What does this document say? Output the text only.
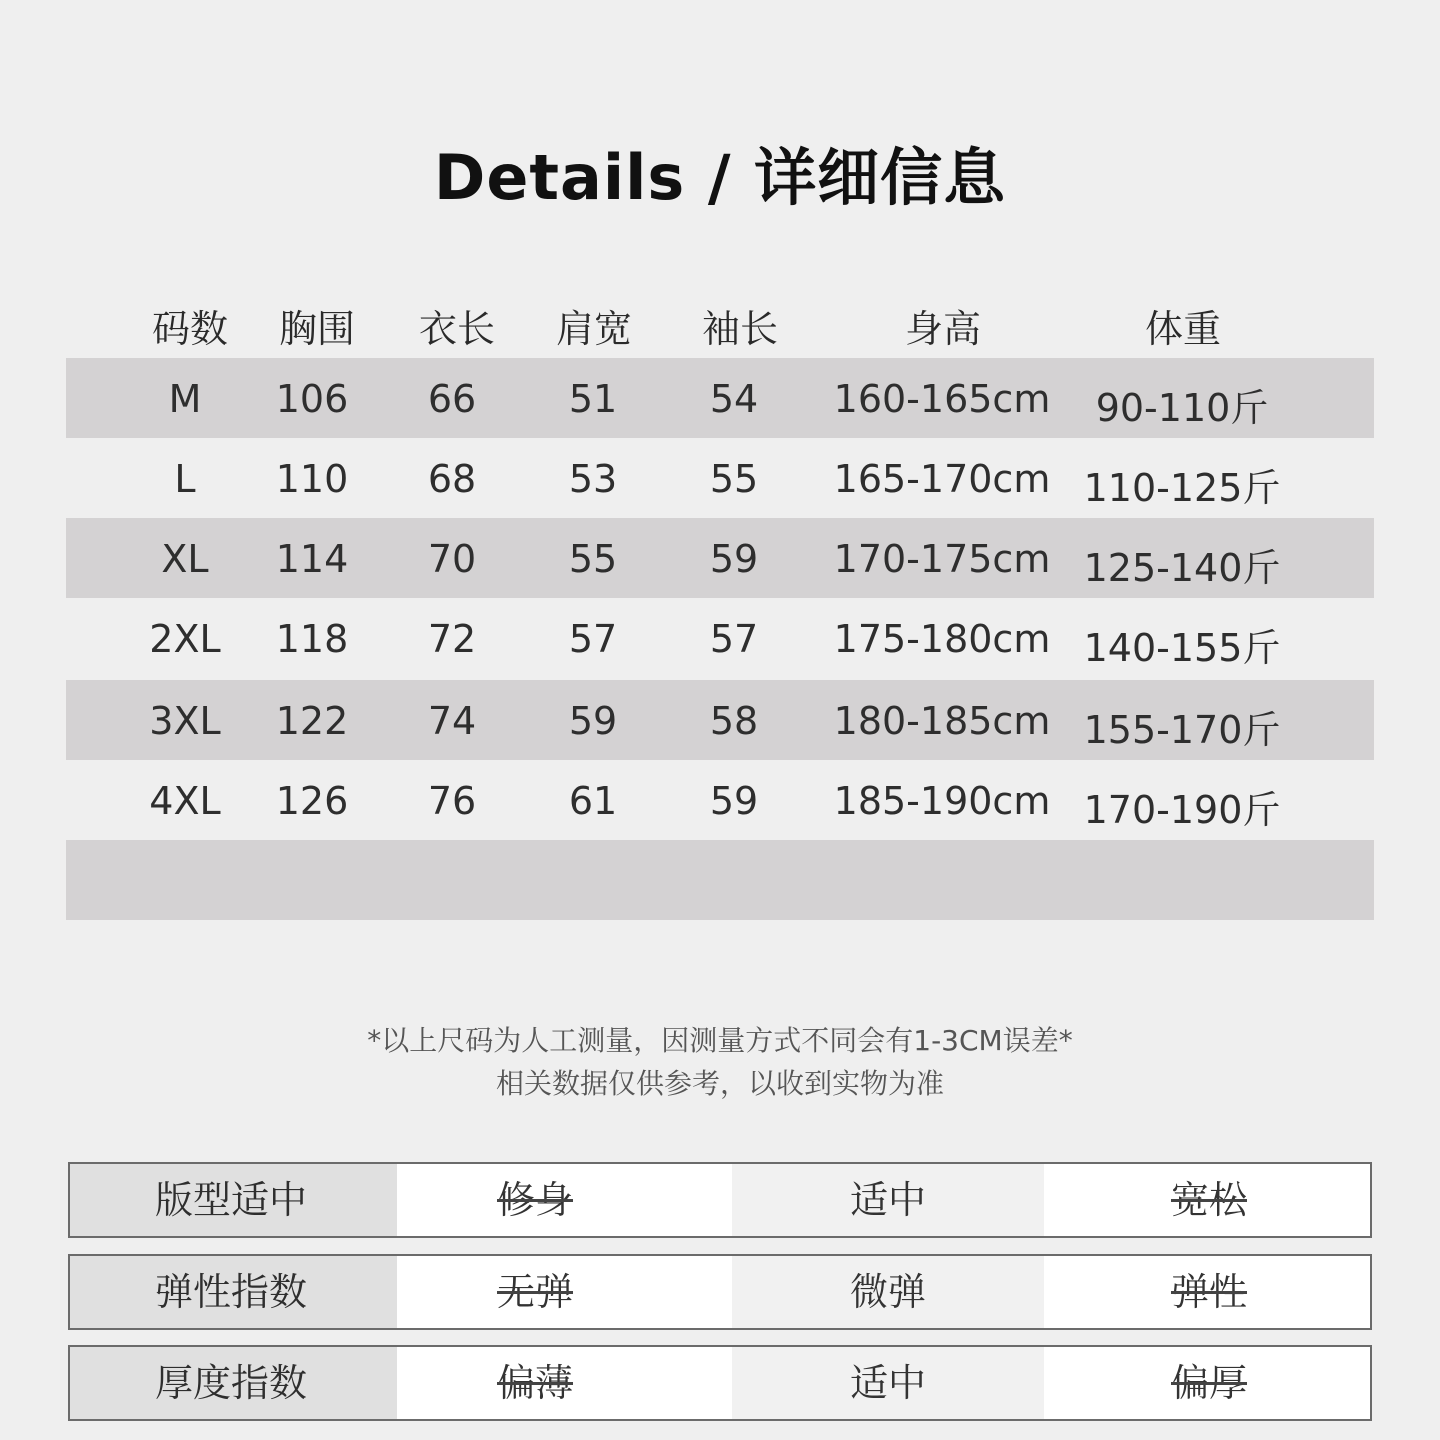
Details / 详细信息
码数 胸围 衣长 肩宽 袖长	身高	体重
M 106 66 51 54 160-165cm 90-110斤
L 110 68 53 55 165-170cm 110-125斤
XL 114 70 55 59 170-175cm 125-140斤
2XL 118 72 57 57 175-180cm 140-155斤
3XL 122 74 59 58 180-185cm 155-170斤
4XL 126 76 61 59 185-190cm 170-190斤
*以上尺码为人工测量，因测量方式不同会有1-3CM误差*
相关数据仅供参考，以收到实物为准
版型适中	修身	适中	宽松
弹性指数	无弹	微弹	弹性
厚度指数	偏薄	适中	偏厚
